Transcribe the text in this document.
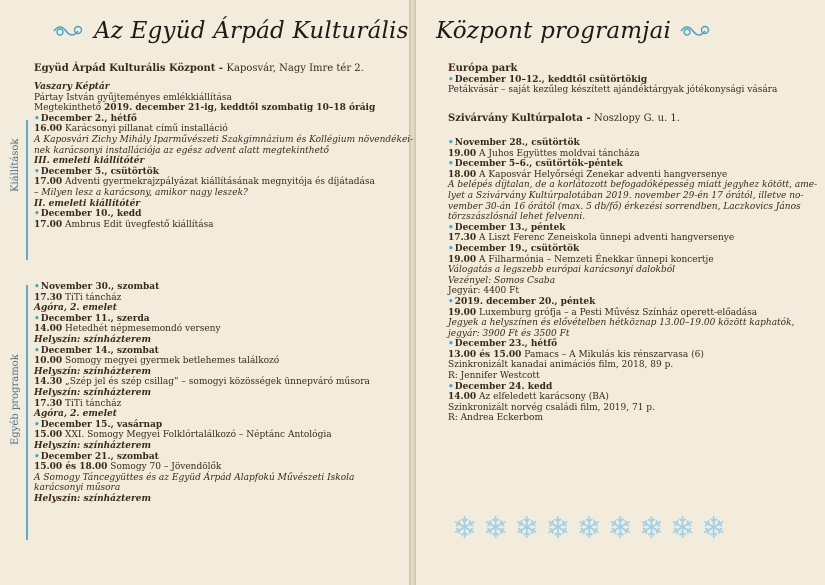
Az Együd Árpád Kulturális Központ programjai
Együd Árpád Kulturális Központ - Kaposvár, Nagy Imre tér 2.
Kiállítások
Egyéb programok
Vaszary Képtár
Pártay István gyűjteményes emlékkiállítása
Megtekinthető 2019. december 21-ig, keddtől szombatig 10–18 óráig
• December 2., hétfő
16.00 Karácsonyi pillanat című installáció
A Kaposvári Zichy Mihály Iparművészeti Szakgimnázium és Kollégium növendékei-
nek karácsonyi installációja az egész advent alatt megtekinthető
III. emeleti kiállítótér
• December 5., csütörtök
17.00 Adventi gyermekrajzpályázat kiállításának megnyitója és díjátadása
– Milyen lesz a karácsony, amikor nagy leszek?
II. emeleti kiállítótér
• December 10., kedd
17.00 Ambrus Edit üvegfestő kiállítása
• November 30., szombat
17.30 TiTi táncház
Agóra, 2. emelet
• December 11., szerda
14.00 Hetedhét népmesemondó verseny
Helyszín: színházterem
• December 14., szombat
10.00 Somogy megyei gyermek betlehemes találkozó
Helyszín: színházterem
14.30 „Szép jel és szép csillag” – somogyi közösségek ünnepváró műsora
Helyszín: színházterem
17.30 TiTi táncház
Agóra, 2. emelet
• December 15., vasárnap
15.00 XXI. Somogy Megyei Folklórtalálkozó – Néptánc Antológia
Helyszín: színházterem
• December 21., szombat
15.00 és 18.00 Somogy 70 – Jövendölők
A Somogy Táncegyüttes és az Együd Árpád Alapfokú Művészeti Iskola
karácsonyi műsora
Helyszín: színházterem
Európa park
• December 10–12., keddtől csütörtökig
Petákvásár – saját kezűleg készített ajándéktárgyak jótékonysági vására
Szivárvány Kultúrpalota - Noszlopy G. u. 1.
• November 28., csütörtök
19.00 A Juhos Együttes moldvai táncháza
• December 5–6., csütörtök–péntek
18.00 A Kaposvár Helyőrségi Zenekar adventi hangversenye
A belépés díjtalan, de a korlátozott befogadóképesség miatt jegyhez kötött, ame-
lyet a Szivárvány Kultúrpalotában 2019. november 29-én 17 órától, illetve no-
vember 30-án 16 órától (max. 5 db/fő) érkezési sorrendben, Laczkovics János
törzszászlósnál lehet felvenni.
• December 13., péntek
17.30 A Liszt Ferenc Zeneiskola ünnepi adventi hangversenye
• December 19., csütörtök
19.00 A Filharmónia – Nemzeti Énekkar ünnepi koncertje
Válogatás a legszebb európai karácsonyi dalokból
Vezényel: Somos Csaba
Jegyár: 4400 Ft
• 2019. december 20., péntek
19.00 Luxemburg grófja – a Pesti Művész Színház operett-előadása
Jegyek a helyszínen és elővételben hétköznap 13.00–19.00 között kaphatók,
jegyár: 3900 Ft és 3500 Ft
• December 23., hétfő
13.00 és 15.00 Pamacs – A Mikulás kis rénszarvasa (6)
Szinkronizált kanadai animációs film, 2018, 89 p.
R: Jennifer Westcott
• December 24. kedd
14.00 Az elfeledett karácsony (BA)
Szinkronizált norvég családi film, 2019, 71 p.
R: Andrea Eckerbom
❄ ❄ ❄ ❄ ❄ ❄ ❄ ❄ ❄
